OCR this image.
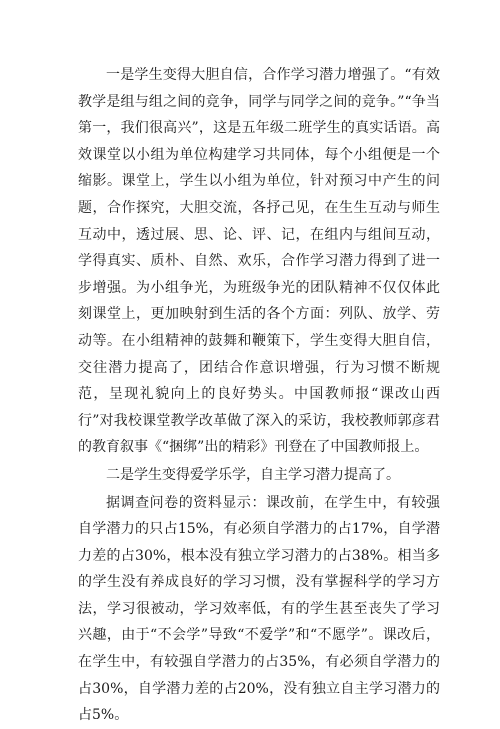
一是学生变得大胆自信，合作学习潜力增强了。“有效教学是组与组之间的竞争，同学与同学之间的竞争。”“争当第一，我们很高兴”，这是五年级二班学生的真实话语。高效课堂以小组为单位构建学习共同体，每个小组便是一个缩影。课堂上，学生以小组为单位，针对预习中产生的问题，合作探究，大胆交流，各抒己见，在生生互动与师生互动中，透过展、思、论、评、记，在组内与组间互动，学得真实、质朴、自然、欢乐，合作学习潜力得到了进一步增强。为小组争光，为班级争光的团队精神不仅仅体此刻课堂上，更加映射到生活的各个方面：列队、放学、劳动等。在小组精神的鼓舞和鞭策下，学生变得大胆自信，交往潜力提高了，团结合作意识增强，行为习惯不断规范，呈现礼貌向上的良好势头。中国教师报“课改山西行”对我校课堂教学改革做了深入的采访，我校教师郭彦君的教育叙事《“捆绑”出的精彩》刊登在了中国教师报上。

二是学生变得爱学乐学，自主学习潜力提高了。

据调查问卷的资料显示：课改前，在学生中，有较强自学潜力的只占15%，有必须自学潜力的占17%，自学潜力差的占30%，根本没有独立学习潜力的占38%。相当多的学生没有养成良好的学习习惯，没有掌握科学的学习方法，学习很被动，学习效率低，有的学生甚至丧失了学习兴趣，由于“不会学”导致“不爱学”和“不愿学”。课改后，在学生中，有较强自学潜力的占35%，有必须自学潜力的占30%，自学潜力差的占20%，没有独立自主学习潜力的占5%。
